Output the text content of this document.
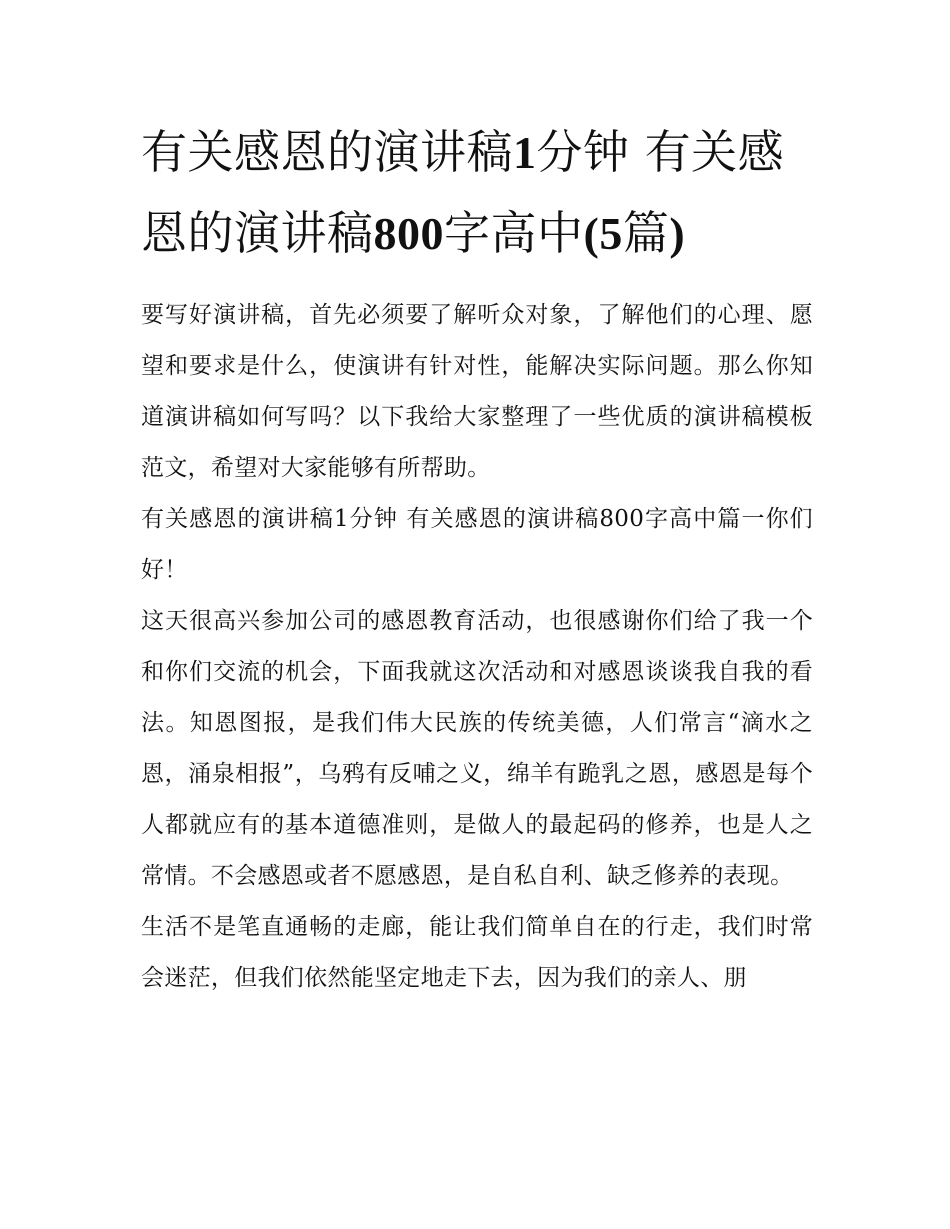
有关感恩的演讲稿1分钟 有关感恩的演讲稿800字高中(5篇)

要写好演讲稿，首先必须要了解听众对象，了解他们的心理、愿望和要求是什么，使演讲有针对性，能解决实际问题。那么你知道演讲稿如何写吗？以下我给大家整理了一些优质的演讲稿模板范文，希望对大家能够有所帮助。

有关感恩的演讲稿1分钟 有关感恩的演讲稿800字高中篇一你们好！

这天很高兴参加公司的感恩教育活动，也很感谢你们给了我一个和你们交流的机会，下面我就这次活动和对感恩谈谈我自我的看法。知恩图报，是我们伟大民族的传统美德，人们常言“滴水之恩，涌泉相报”，乌鸦有反哺之义，绵羊有跪乳之恩，感恩是每个人都就应有的基本道德准则，是做人的最起码的修养，也是人之常情。不会感恩或者不愿感恩，是自私自利、缺乏修养的表现。

生活不是笔直通畅的走廊，能让我们简单自在的行走，我们时常会迷茫，但我们依然能坚定地走下去，因为我们的亲人、朋
